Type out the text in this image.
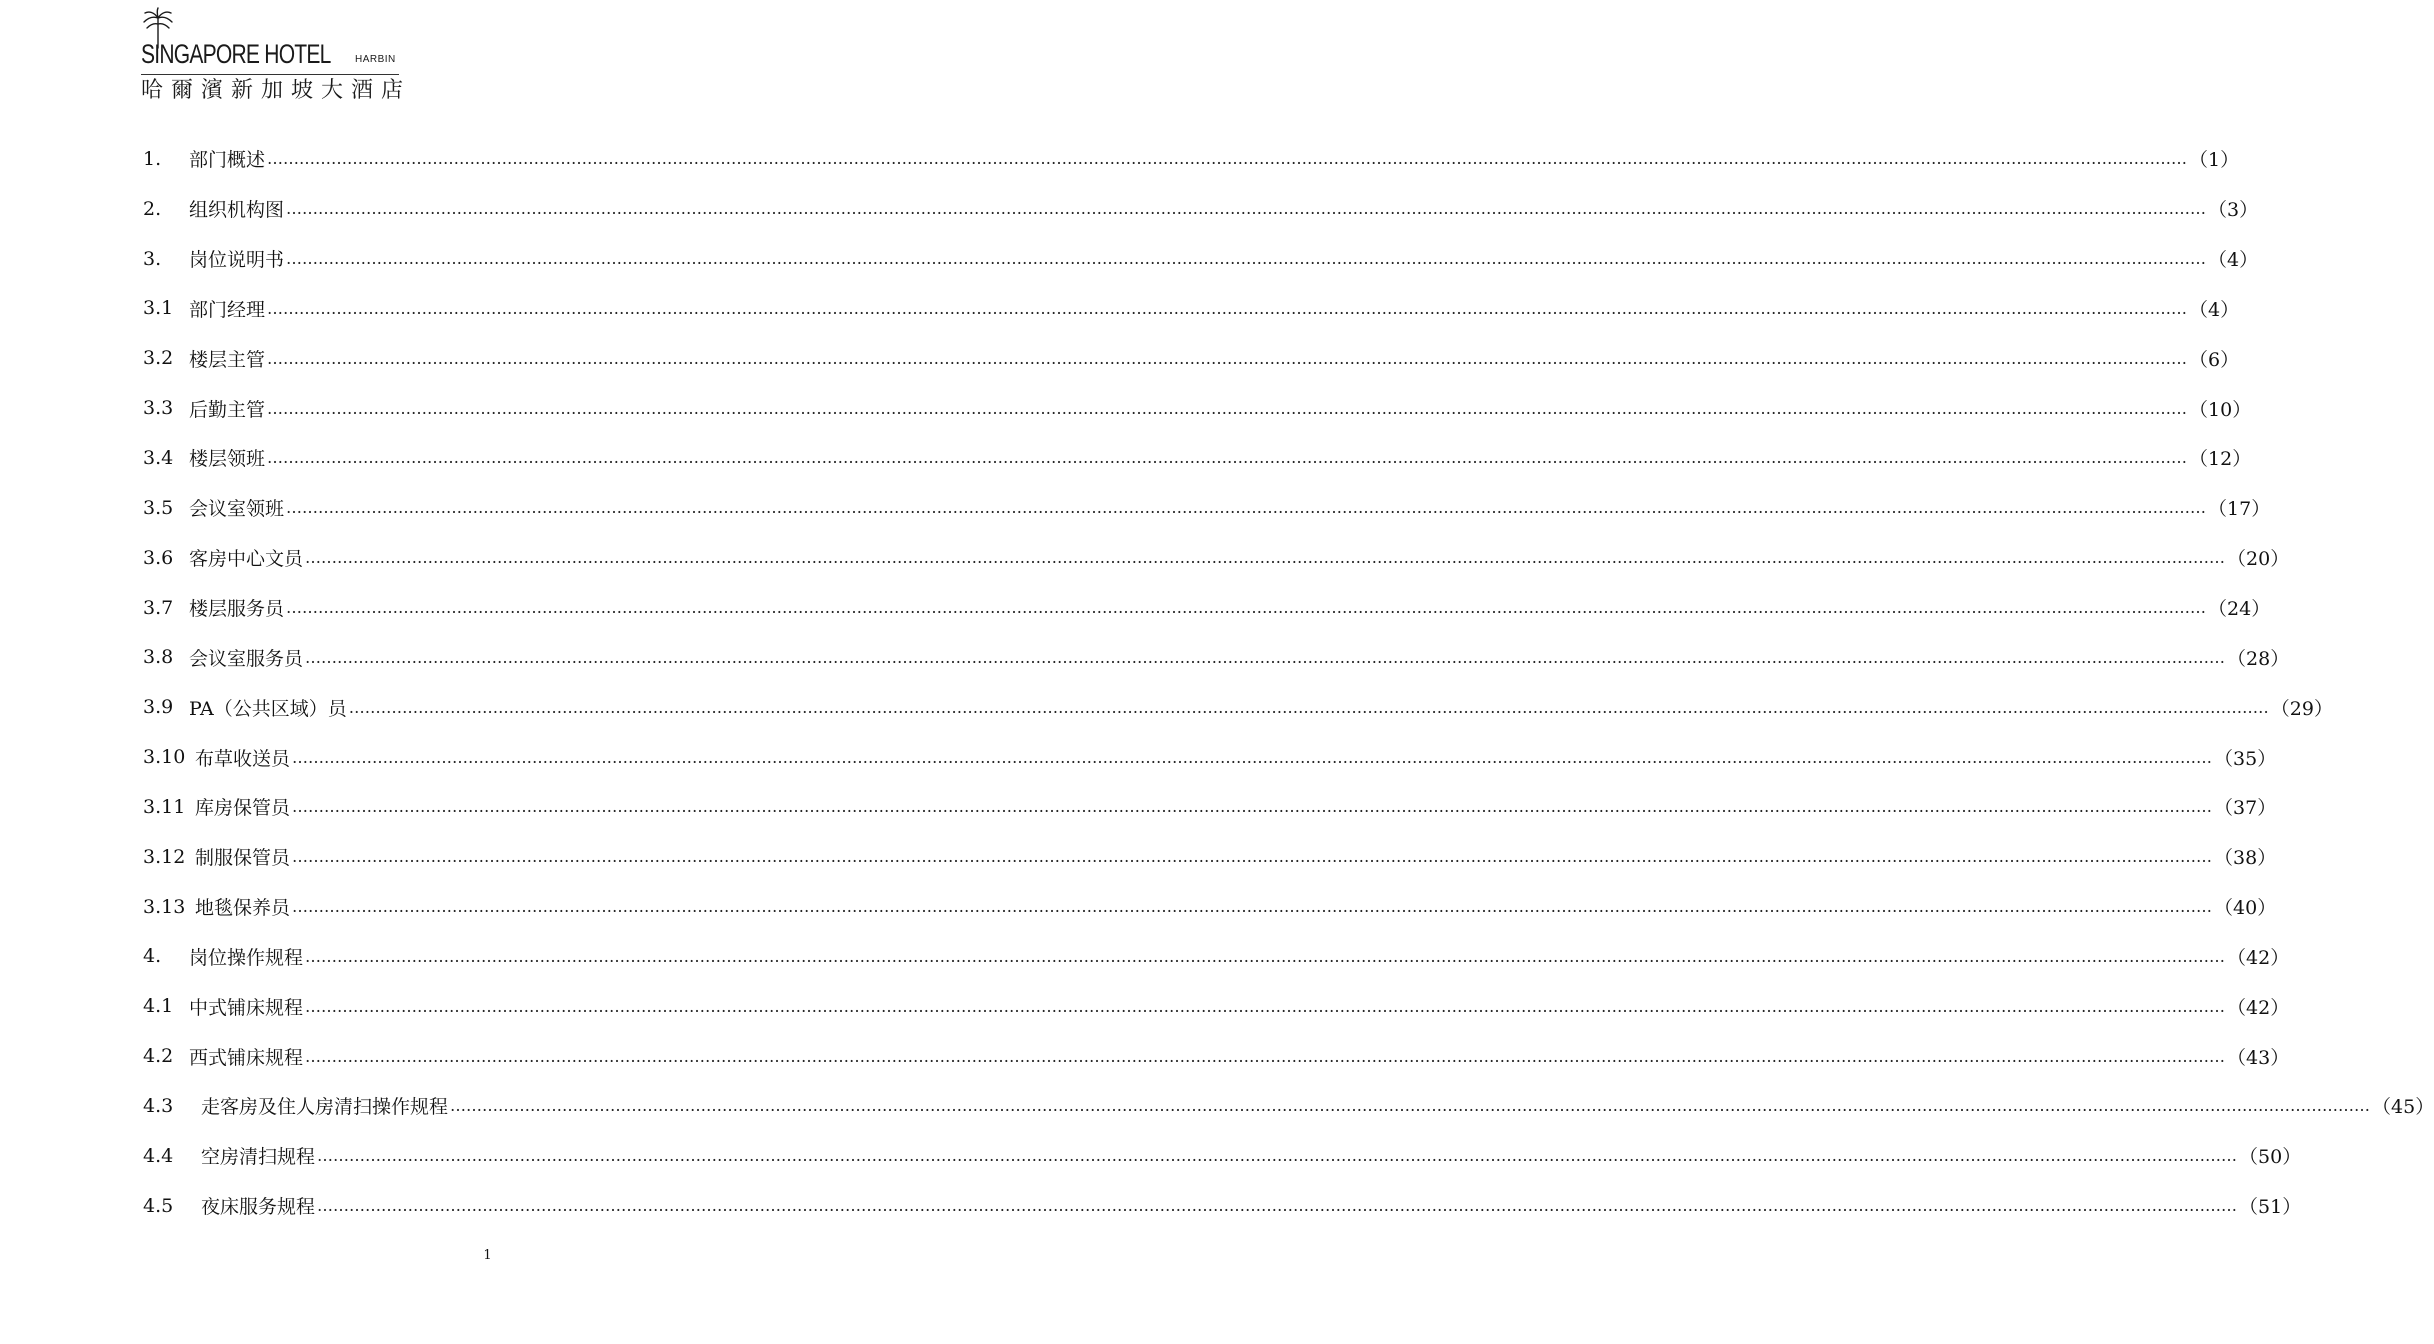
SINGAPORE HOTEL HARBIN
哈爾濱新加坡大酒店
1.	部门概述 ……………………………………………………………………………………………………………………………………………………………………………………………………………………………………………………………………………………………………………………………… （1）
2.	组织机构图 ……………………………………………………………………………………………………………………………………………………………………………………………………………………………………………………………………………………………………………………………… （3）
3.	岗位说明书 ……………………………………………………………………………………………………………………………………………………………………………………………………………………………………………………………………………………………………………………………… （4）
3.1 部门经理 ……………………………………………………………………………………………………………………………………………………………………………………………………………………………………………………………………………………………………………………………… （4）
3.2 楼层主管 ……………………………………………………………………………………………………………………………………………………………………………………………………………………………………………………………………………………………………………………………… （6）
3.3 后勤主管 ……………………………………………………………………………………………………………………………………………………………………………………………………………………………………………………………………………………………………………………………… （10）
3.4 楼层领班 ……………………………………………………………………………………………………………………………………………………………………………………………………………………………………………………………………………………………………………………………… （12）
3.5 会议室领班 ……………………………………………………………………………………………………………………………………………………………………………………………………………………………………………………………………………………………………………………………… （17）
3.6 客房中心文员 ……………………………………………………………………………………………………………………………………………………………………………………………………………………………………………………………………………………………………………………………… （20）
3.7 楼层服务员 ……………………………………………………………………………………………………………………………………………………………………………………………………………………………………………………………………………………………………………………………… （24）
3.8 会议室服务员 ……………………………………………………………………………………………………………………………………………………………………………………………………………………………………………………………………………………………………………………………… （28）
3.9 PA（公共区域）员 ……………………………………………………………………………………………………………………………………………………………………………………………………………………………………………………………………………………………………………………………… （29）
3.10 布草收送员 ……………………………………………………………………………………………………………………………………………………………………………………………………………………………………………………………………………………………………………………………… （35）
3.11 库房保管员 ……………………………………………………………………………………………………………………………………………………………………………………………………………………………………………………………………………………………………………………………… （37）
3.12 制服保管员 ……………………………………………………………………………………………………………………………………………………………………………………………………………………………………………………………………………………………………………………………… （38）
3.13 地毯保养员 ……………………………………………………………………………………………………………………………………………………………………………………………………………………………………………………………………………………………………………………………… （40）
4.	岗位操作规程 ……………………………………………………………………………………………………………………………………………………………………………………………………………………………………………………………………………………………………………………………… （42）
4.1 中式铺床规程 ……………………………………………………………………………………………………………………………………………………………………………………………………………………………………………………………………………………………………………………………… （42）
4.2 西式铺床规程 ……………………………………………………………………………………………………………………………………………………………………………………………………………………………………………………………………………………………………………………………… （43）
4.3	走客房及住人房清扫操作规程 ……………………………………………………………………………………………………………………………………………………………………………………………………………………………………………………………………………………………………………………………… （45）
4.4	空房清扫规程 ……………………………………………………………………………………………………………………………………………………………………………………………………………………………………………………………………………………………………………………………… （50）
4.5	夜床服务规程 ……………………………………………………………………………………………………………………………………………………………………………………………………………………………………………………………………………………………………………………………… （51）
1
